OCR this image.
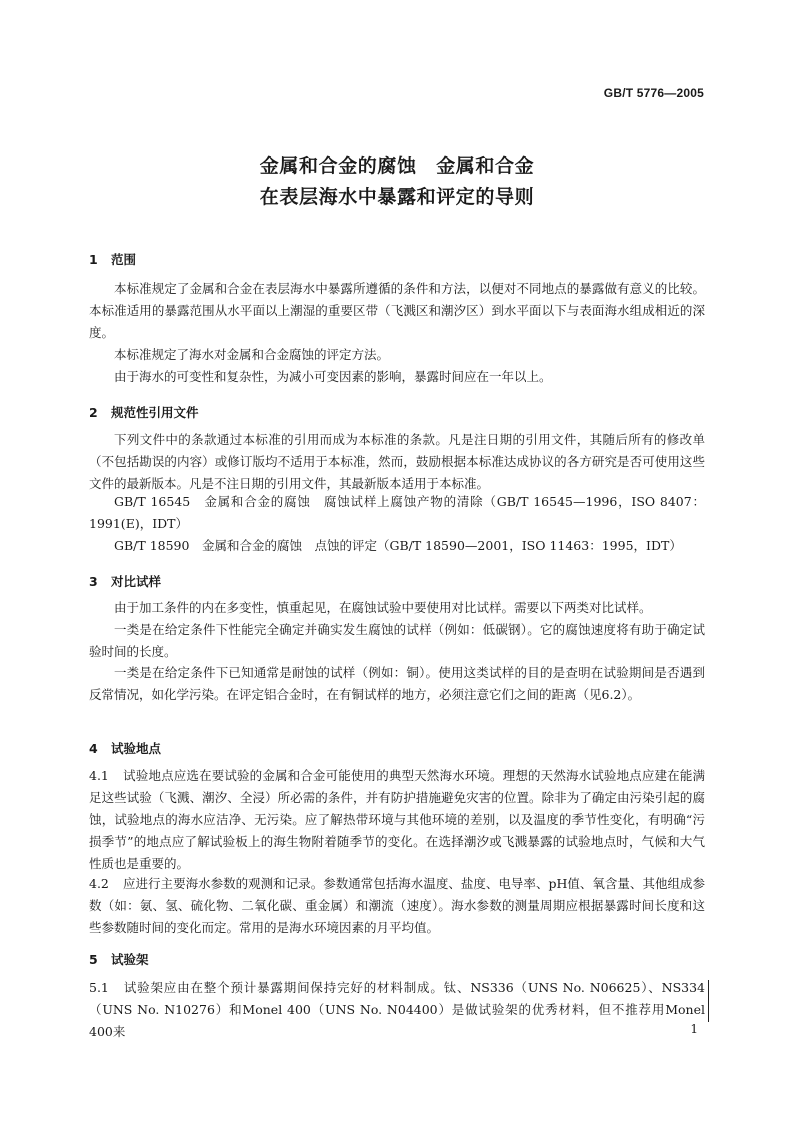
GB/T 5776—2005
金属和合金的腐蚀　金属和合金
在表层海水中暴露和评定的导则
1 范围
本标准规定了金属和合金在表层海水中暴露所遵循的条件和方法，以便对不同地点的暴露做有意义的比较。本标准适用的暴露范围从水平面以上潮湿的重要区带（飞溅区和潮汐区）到水平面以下与表面海水组成相近的深度。
本标准规定了海水对金属和合金腐蚀的评定方法。
由于海水的可变性和复杂性，为减小可变因素的影响，暴露时间应在一年以上。
2 规范性引用文件
下列文件中的条款通过本标准的引用而成为本标准的条款。凡是注日期的引用文件，其随后所有的修改单（不包括勘误的内容）或修订版均不适用于本标准，然而，鼓励根据本标准达成协议的各方研究是否可使用这些文件的最新版本。凡是不注日期的引用文件，其最新版本适用于本标准。
GB/T 16545　金属和合金的腐蚀　腐蚀试样上腐蚀产物的清除（GB/T 16545—1996，ISO 8407：1991(E)，IDT）
GB/T 18590　金属和合金的腐蚀　点蚀的评定（GB/T 18590—2001，ISO 11463：1995，IDT）
3 对比试样
由于加工条件的内在多变性，慎重起见，在腐蚀试验中要使用对比试样。需要以下两类对比试样。
一类是在给定条件下性能完全确定并确实发生腐蚀的试样（例如：低碳钢）。它的腐蚀速度将有助于确定试验时间的长度。
一类是在给定条件下已知通常是耐蚀的试样（例如：铜）。使用这类试样的目的是查明在试验期间是否遇到反常情况，如化学污染。在评定铝合金时，在有铜试样的地方，必须注意它们之间的距离（见6.2）。
4 试验地点
4.1 试验地点应选在要试验的金属和合金可能使用的典型天然海水环境。理想的天然海水试验地点应建在能满足这些试验（飞溅、潮汐、全浸）所必需的条件，并有防护措施避免灾害的位置。除非为了确定由污染引起的腐蚀，试验地点的海水应洁净、无污染。应了解热带环境与其他环境的差别，以及温度的季节性变化，有明确“污损季节”的地点应了解试验板上的海生物附着随季节的变化。在选择潮汐或飞溅暴露的试验地点时，气候和大气性质也是重要的。
4.2 应进行主要海水参数的观测和记录。参数通常包括海水温度、盐度、电导率、pH值、氧含量、其他组成参数（如：氨、氢、硫化物、二氧化碳、重金属）和潮流（速度）。海水参数的测量周期应根据暴露时间长度和这些参数随时间的变化而定。常用的是海水环境因素的月平均值。
5 试验架
5.1 试验架应由在整个预计暴露期间保持完好的材料制成。钛、NS336（UNS No. N06625）、NS334（UNS No. N10276）和Monel 400（UNS No. N04400）是做试验架的优秀材料，但不推荐用Monel 400来	1
